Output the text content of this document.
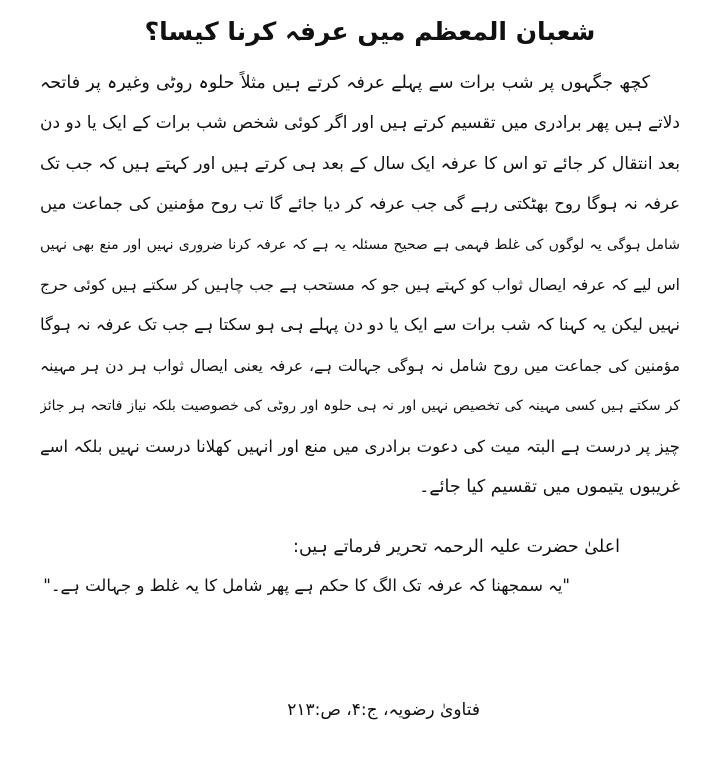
شعبان المعظم میں عرفہ کرنا کیسا؟
کچھ جگہوں پر شب برات سے پہلے عرفہ کرتے ہیں مثلاً حلوہ روٹی وغیرہ پر فاتحہ
دلاتے ہیں پھر برادری میں تقسیم کرتے ہیں اور اگر کوئی شخص شب برات کے ایک یا دو دن
بعد انتقال کر جائے تو اس کا عرفہ ایک سال کے بعد ہی کرتے ہیں اور کہتے ہیں کہ جب تک
عرفہ نہ ہوگا روح بھٹکتی رہے گی جب عرفہ کر دیا جائے گا تب روح مؤمنین کی جماعت میں
شامل ہوگی یہ لوگوں کی غلط فہمی ہے صحیح مسئلہ یہ ہے کہ عرفہ کرنا ضروری نہیں اور منع بھی نہیں
اس لیے کہ عرفہ ایصال ثواب کو کہتے ہیں جو کہ مستحب ہے جب چاہیں کر سکتے ہیں کوئی حرج
نہیں لیکن یہ کہنا کہ شب برات سے ایک یا دو دن پہلے ہی ہو سکتا ہے جب تک عرفہ نہ ہوگا
مؤمنین کی جماعت میں روح شامل نہ ہوگی جہالت ہے، عرفہ یعنی ایصال ثواب ہر دن ہر مہینہ
کر سکتے ہیں کسی مہینہ کی تخصیص نہیں اور نہ ہی حلوہ اور روٹی کی خصوصیت بلکہ نیاز فاتحہ ہر جائز
چیز پر درست ہے البتہ میت کی دعوت برادری میں منع اور انہیں کھلانا درست نہیں بلکہ اسے
غریبوں یتیموں میں تقسیم کیا جائے۔
اعلیٰ حضرت علیہ الرحمہ تحریر فرماتے ہیں:
"یہ سمجھنا کہ عرفہ تک الگ کا حکم ہے پھر شامل کا یہ غلط و جہالت ہے۔"
فتاویٰ رضویہ، ج:۴، ص:۲۱۳
